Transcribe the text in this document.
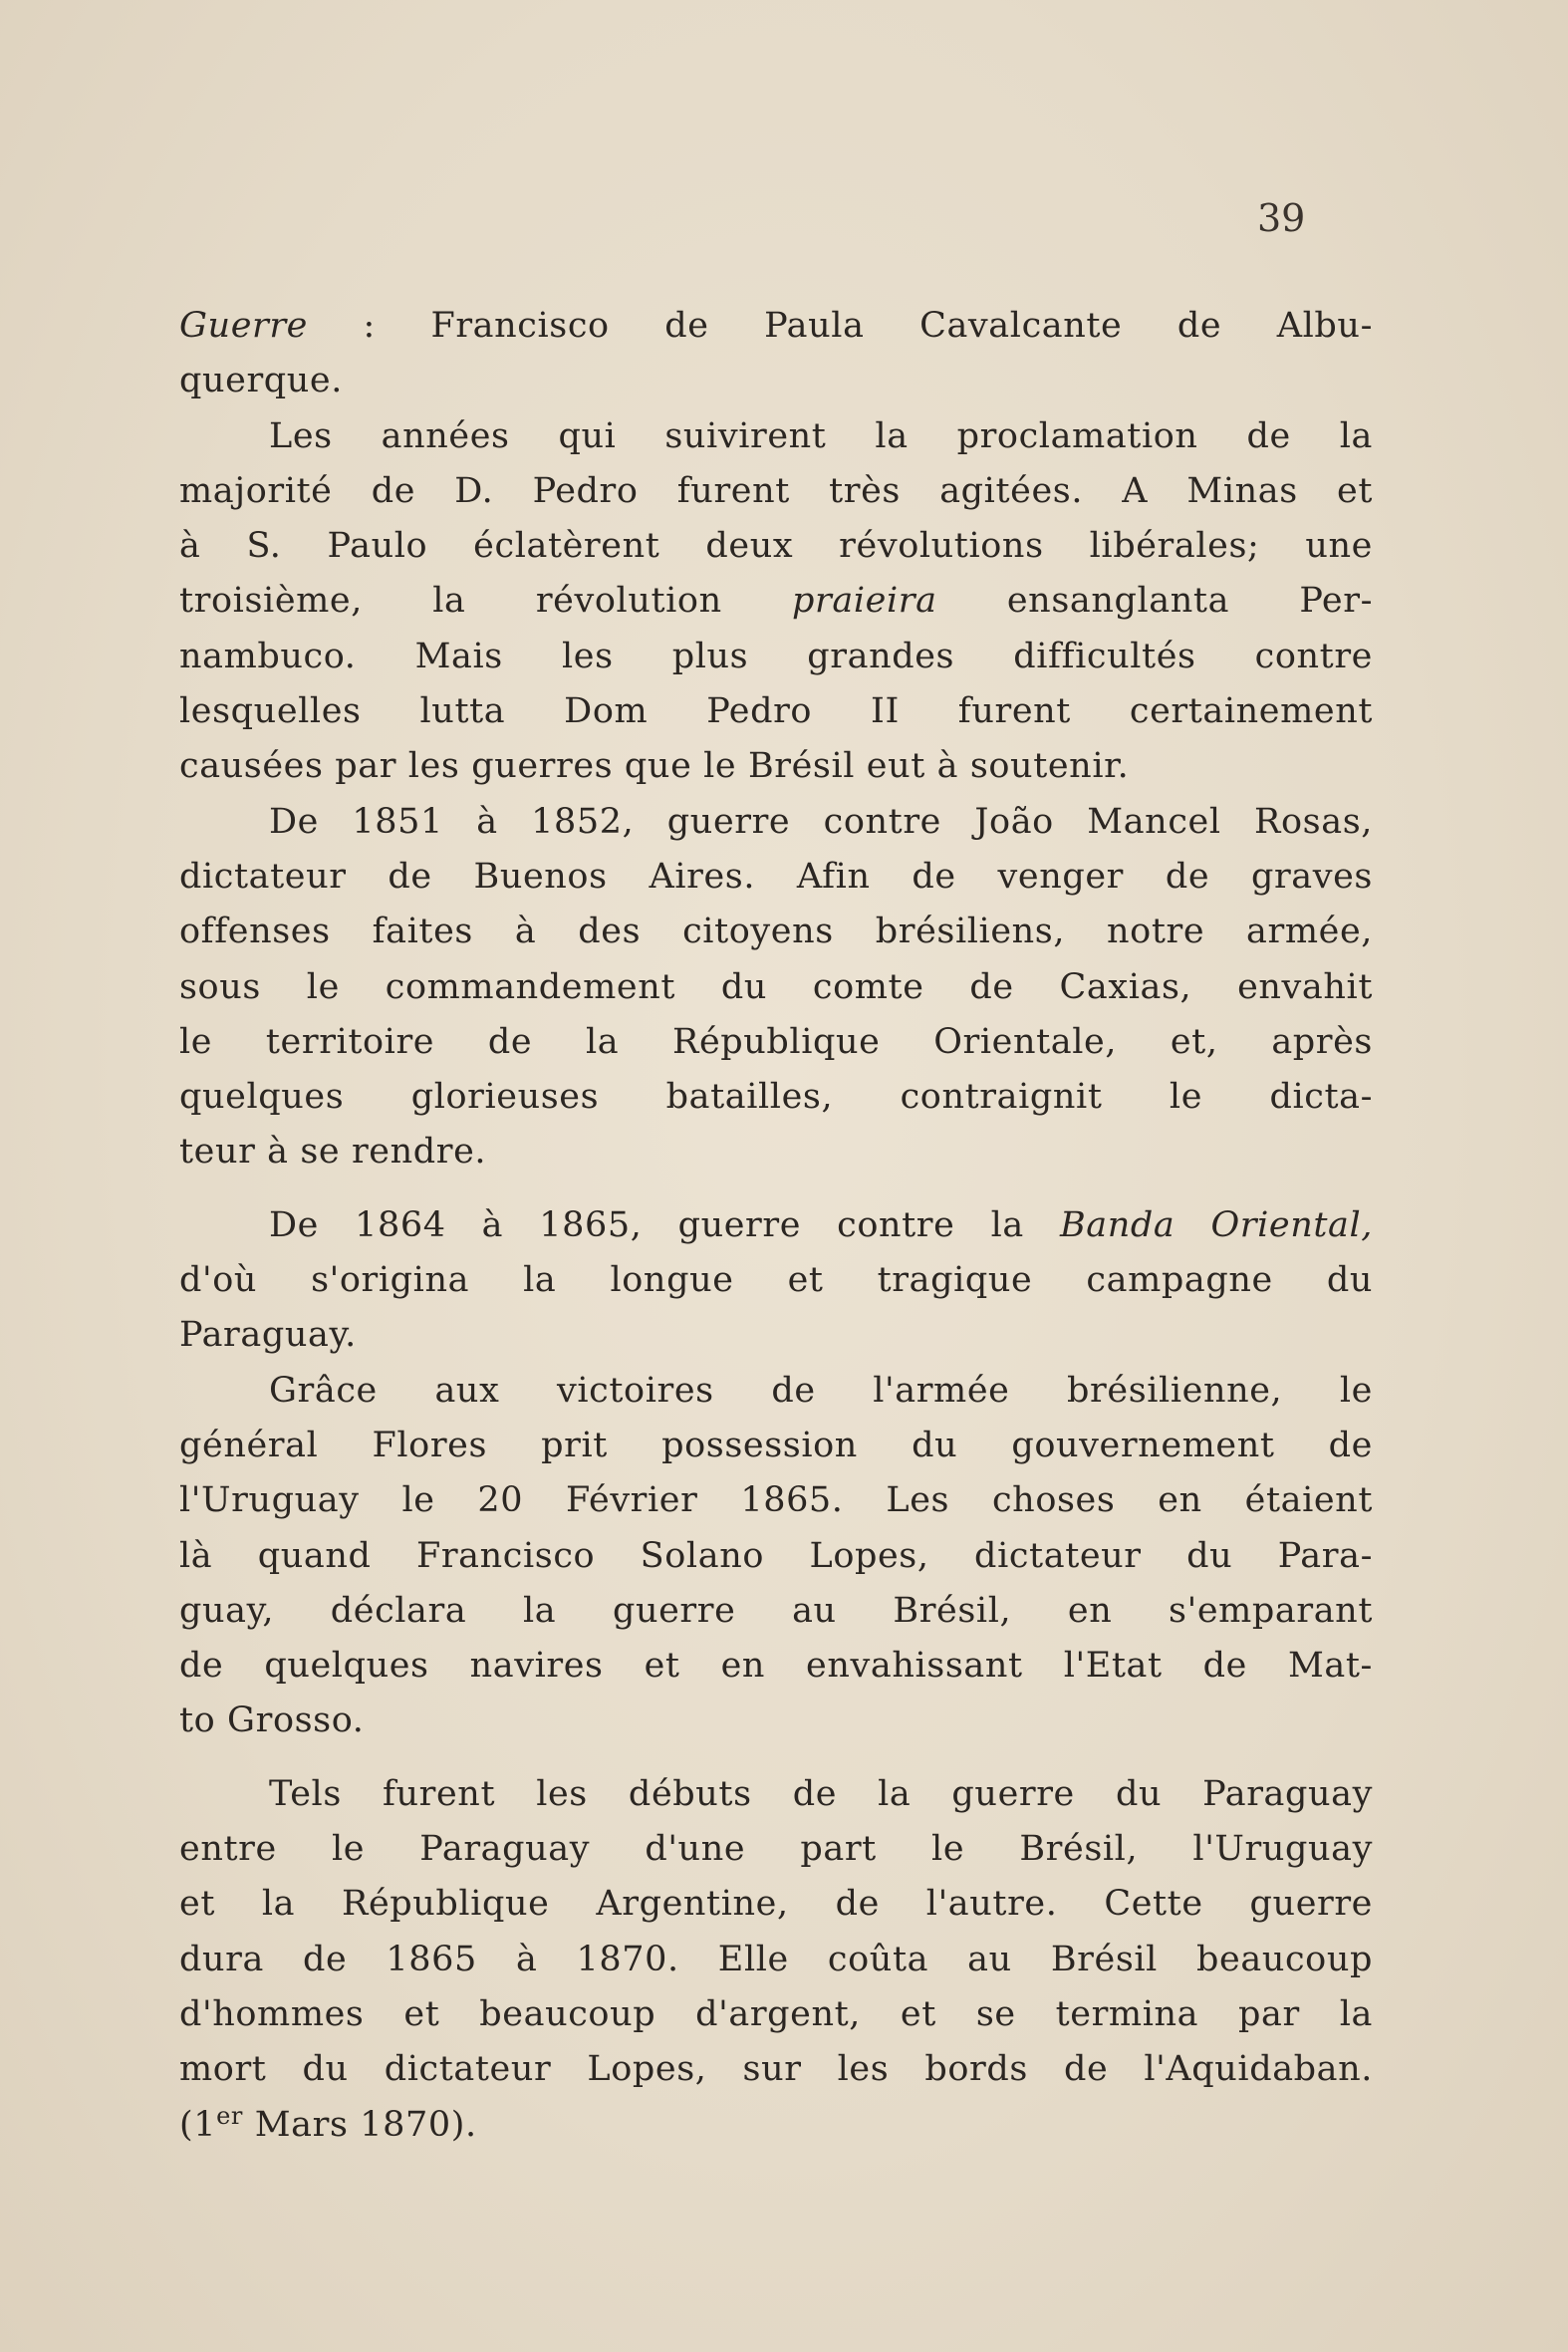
39
Guerre : Francisco de Paula Cavalcante de Albu-
querque.
Les années qui suivirent la proclamation de la
majorité de D. Pedro furent très agitées. A Minas et
à S. Paulo éclatèrent deux révolutions libérales; une
troisième, la révolution praieira ensanglanta Per-
nambuco. Mais les plus grandes difficultés contre
lesquelles lutta Dom Pedro II furent certainement
causées par les guerres que le Brésil eut à soutenir.
De 1851 à 1852, guerre contre João Mancel Rosas,
dictateur de Buenos Aires. Afin de venger de graves
offenses faites à des citoyens brésiliens, notre armée,
sous le commandement du comte de Caxias, envahit
le territoire de la République Orientale, et, après
quelques glorieuses batailles, contraignit le dicta-
teur à se rendre.
De 1864 à 1865, guerre contre la Banda Oriental,
d'où s'origina la longue et tragique campagne du
Paraguay.
Grâce aux victoires de l'armée brésilienne, le
général Flores prit possession du gouvernement de
l'Uruguay le 20 Février 1865. Les choses en étaient
là quand Francisco Solano Lopes, dictateur du Para-
guay, déclara la guerre au Brésil, en s'emparant
de quelques navires et en envahissant l'Etat de Mat-
to Grosso.
Tels furent les débuts de la guerre du Paraguay
entre le Paraguay d'une part le Brésil, l'Uruguay
et la République Argentine, de l'autre. Cette guerre
dura de 1865 à 1870. Elle coûta au Brésil beaucoup
d'hommes et beaucoup d'argent, et se termina par la
mort du dictateur Lopes, sur les bords de l'Aquidaban.
(1er Mars 1870).
